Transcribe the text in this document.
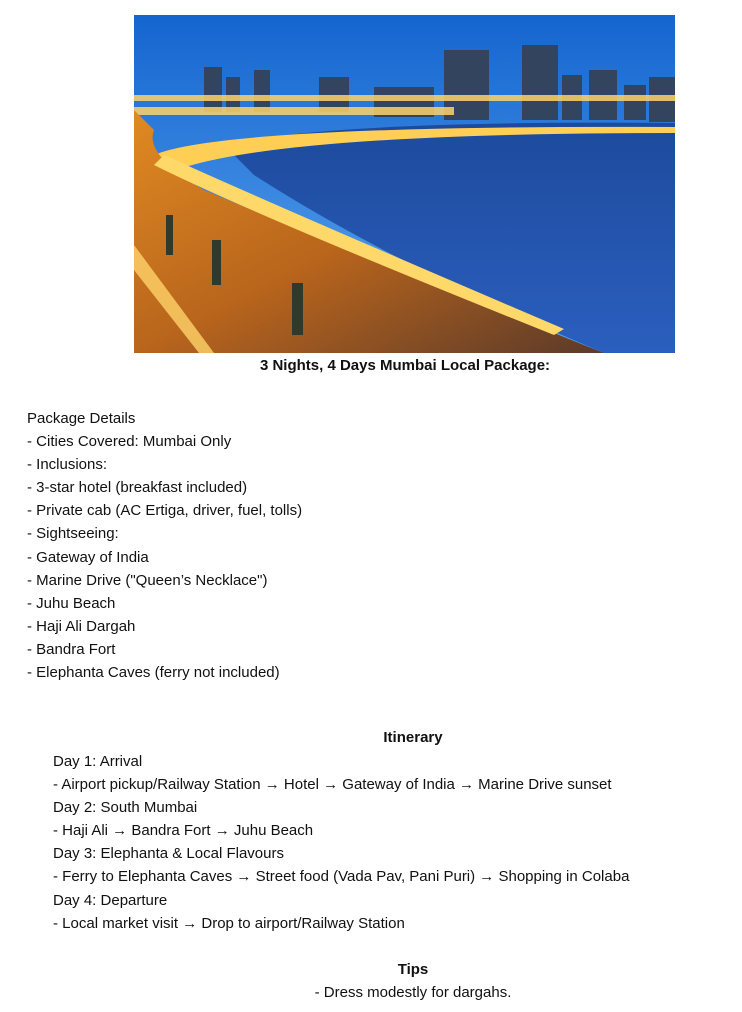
3 Nights, 4 Days Mumbai Local Package:
Package Details
- Cities Covered: Mumbai Only
- Inclusions:
- 3-star hotel (breakfast included)
- Private cab (AC Ertiga, driver, fuel, tolls)
- Sightseeing:
- Gateway of India
- Marine Drive ("Queen’s Necklace")
- Juhu Beach
- Haji Ali Dargah
- Bandra Fort
- Elephanta Caves (ferry not included)
Itinerary
Day 1: Arrival
- Airport pickup/Railway Station → Hotel → Gateway of India → Marine Drive sunset
Day 2: South Mumbai
- Haji Ali → Bandra Fort → Juhu Beach
Day 3: Elephanta & Local Flavours
- Ferry to Elephanta Caves → Street food (Vada Pav, Pani Puri) → Shopping in Colaba
Day 4: Departure
- Local market visit → Drop to airport/Railway Station
Tips
- Dress modestly for dargahs.
